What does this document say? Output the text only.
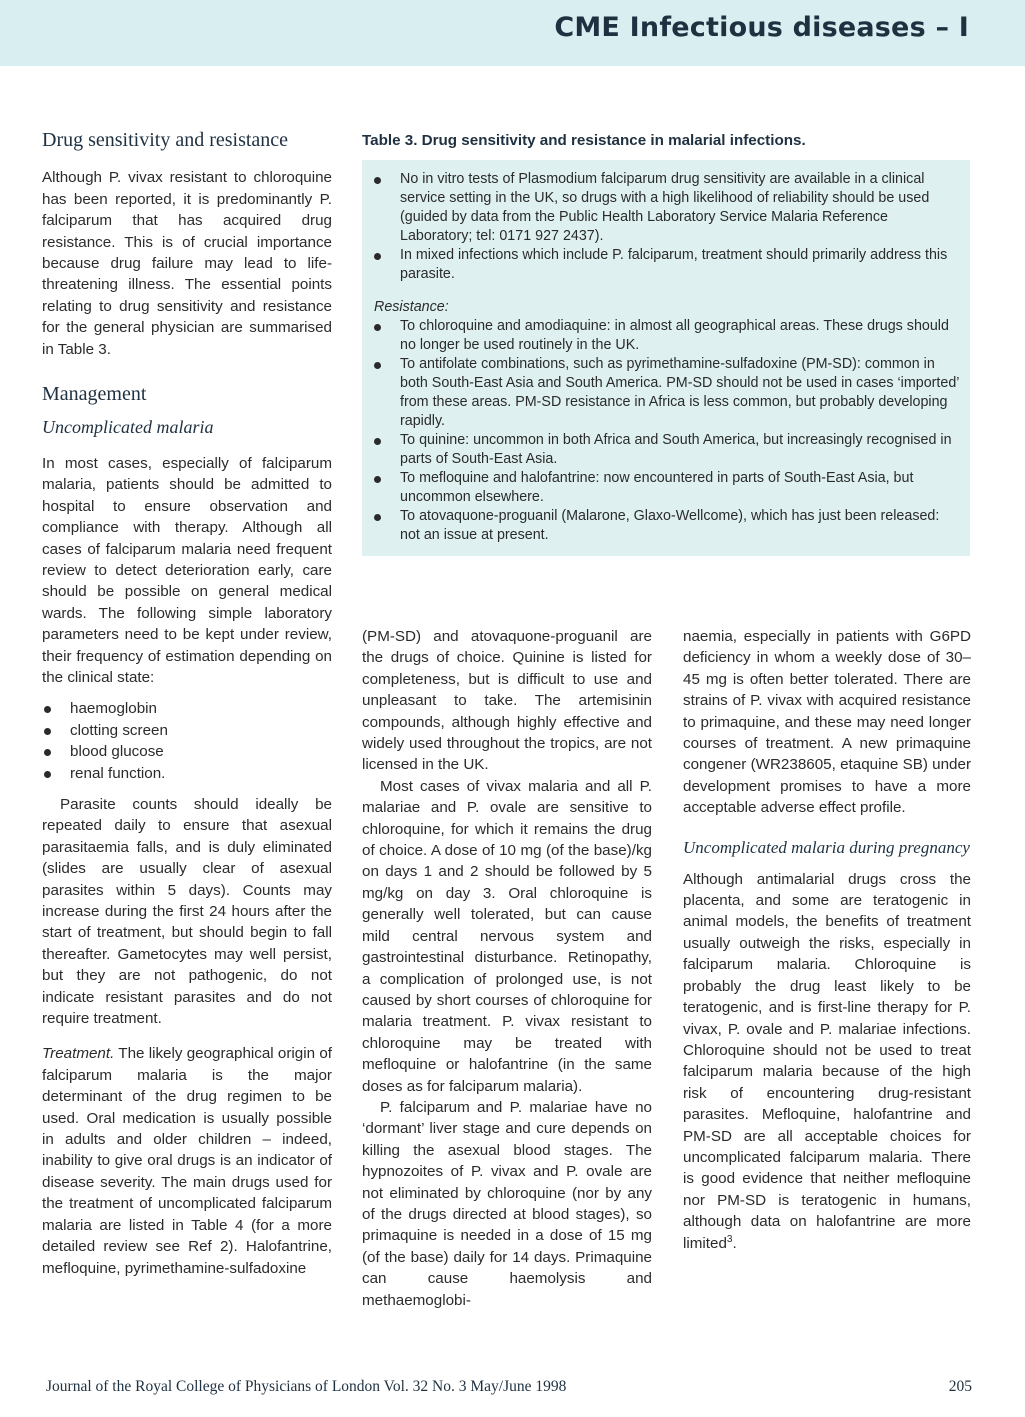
CME Infectious diseases – I
Drug sensitivity and resistance

Although P. vivax resistant to chloroquine has been reported, it is predominantly P. falciparum that has acquired drug resistance. This is of crucial importance because drug failure may lead to life-threatening illness. The essential points relating to drug sensitivity and resistance for the general physician are summarised in Table 3.

Management
Uncomplicated malaria

In most cases, especially of falciparum malaria, patients should be admitted to hospital to ensure observation and compliance with therapy. Although all cases of falciparum malaria need frequent review to detect deterioration early, care should be possible on general medical wards. The following simple laboratory parameters need to be kept under review, their frequency of estimation depending on the clinical state:

haemoglobin
clotting screen
blood glucose
renal function.

Parasite counts should ideally be repeated daily to ensure that asexual parasitaemia falls, and is duly eliminated (slides are usually clear of asexual parasites within 5 days). Counts may increase during the first 24 hours after the start of treatment, but should begin to fall thereafter. Gametocytes may well persist, but they are not pathogenic, do not indicate resistant parasites and do not require treatment.

Treatment. The likely geographical origin of falciparum malaria is the major determinant of the drug regimen to be used. Oral medication is usually possible in adults and older children – indeed, inability to give oral drugs is an indicator of disease severity. The main drugs used for the treatment of uncomplicated falciparum malaria are listed in Table 4 (for a more detailed review see Ref 2). Halofantrine, mefloquine, pyrimethamine-sulfadoxine

Table 3. Drug sensitivity and resistance in malarial infections.
No in vitro tests of Plasmodium falciparum drug sensitivity are available in a clinical service setting in the UK, so drugs with a high likelihood of reliability should be used (guided by data from the Public Health Laboratory Service Malaria Reference Laboratory; tel: 0171 927 2437).
In mixed infections which include P. falciparum, treatment should primarily address this parasite.
Resistance:
To chloroquine and amodiaquine: in almost all geographical areas. These drugs should no longer be used routinely in the UK.
To antifolate combinations, such as pyrimethamine-sulfadoxine (PM-SD): common in both South-East Asia and South America. PM-SD should not be used in cases ‘imported’ from these areas. PM-SD resistance in Africa is less common, but probably developing rapidly.
To quinine: uncommon in both Africa and South America, but increasingly recognised in parts of South-East Asia.
To mefloquine and halofantrine: now encountered in parts of South-East Asia, but uncommon elsewhere.
To atovaquone-proguanil (Malarone, Glaxo-Wellcome), which has just been released: not an issue at present.

(PM-SD) and atovaquone-proguanil are the drugs of choice. Quinine is listed for completeness, but is difficult to use and unpleasant to take. The artemisinin compounds, although highly effective and widely used throughout the tropics, are not licensed in the UK.

Most cases of vivax malaria and all P. malariae and P. ovale are sensitive to chloroquine, for which it remains the drug of choice. A dose of 10 mg (of the base)/kg on days 1 and 2 should be followed by 5 mg/kg on day 3. Oral chloroquine is generally well tolerated, but can cause mild central nervous system and gastrointestinal disturbance. Retinopathy, a complication of prolonged use, is not caused by short courses of chloroquine for malaria treatment. P. vivax resistant to chloroquine may be treated with mefloquine or halofantrine (in the same doses as for falciparum malaria).

P. falciparum and P. malariae have no ‘dormant’ liver stage and cure depends on killing the asexual blood stages. The hypnozoites of P. vivax and P. ovale are not eliminated by chloroquine (nor by any of the drugs directed at blood stages), so primaquine is needed in a dose of 15 mg (of the base) daily for 14 days. Primaquine can cause haemolysis and methaemoglobi-

naemia, especially in patients with G6PD deficiency in whom a weekly dose of 30–45 mg is often better tolerated. There are strains of P. vivax with acquired resistance to primaquine, and these may need longer courses of treatment. A new primaquine congener (WR238605, etaquine SB) under development promises to have a more acceptable adverse effect profile.

Uncomplicated malaria during pregnancy

Although antimalarial drugs cross the placenta, and some are teratogenic in animal models, the benefits of treatment usually outweigh the risks, especially in falciparum malaria. Chloroquine is probably the drug least likely to be teratogenic, and is first-line therapy for P. vivax, P. ovale and P. malariae infections. Chloroquine should not be used to treat falciparum malaria because of the high risk of encountering drug-resistant parasites. Mefloquine, halofantrine and PM-SD are all acceptable choices for uncomplicated falciparum malaria. There is good evidence that neither mefloquine nor PM-SD is teratogenic in humans, although data on halofantrine are more limited$^3$.

Journal of the Royal College of Physicians of London Vol. 32 No. 3 May/June 1998	205
